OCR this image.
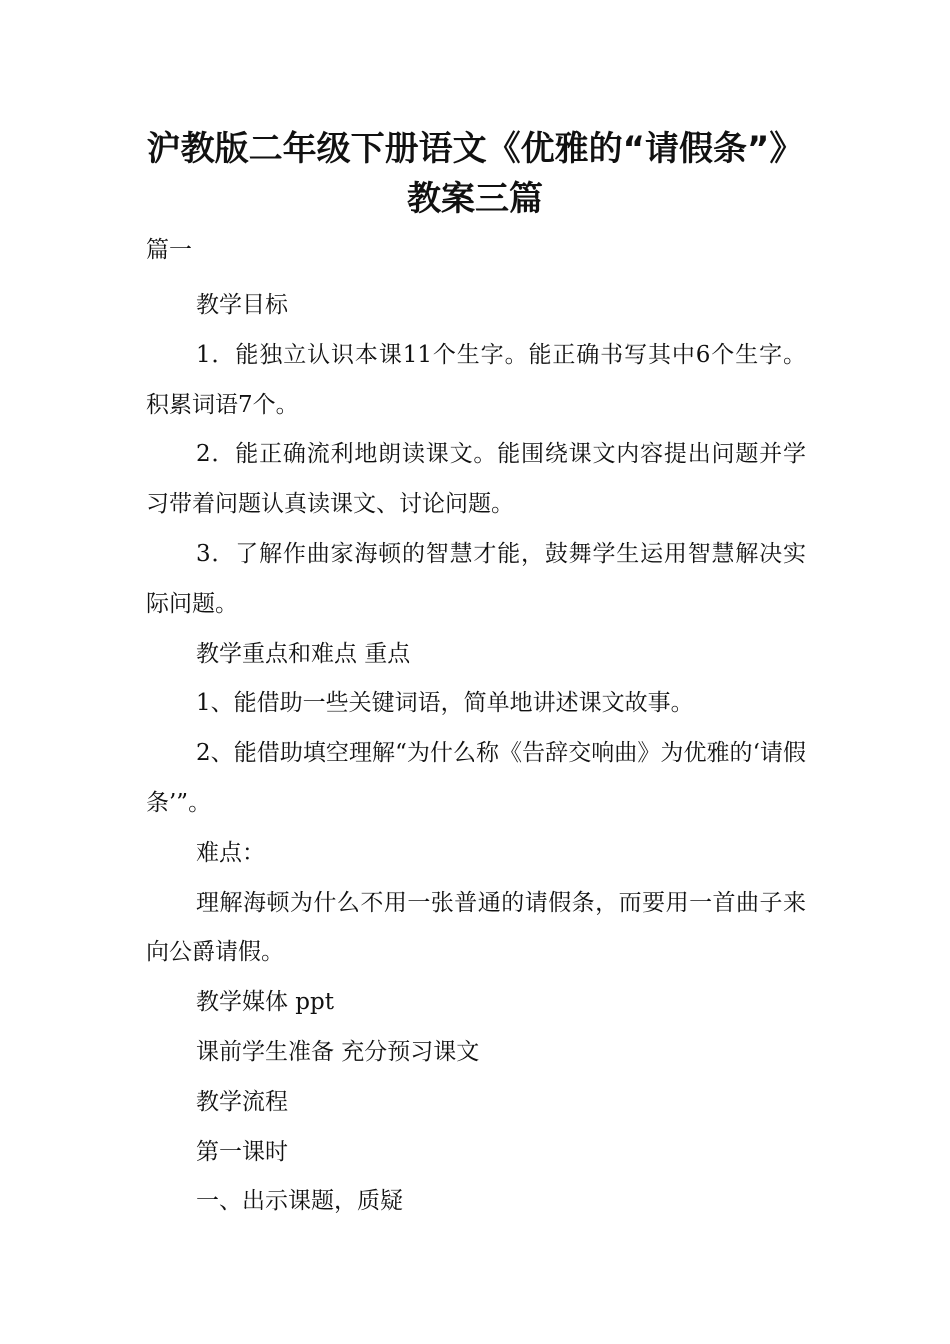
沪教版二年级下册语文《优雅的“请假条”》教案三篇

篇一

教学目标

1．能独立认识本课11个生字。能正确书写其中6个生字。积累词语7个。

2．能正确流利地朗读课文。能围绕课文内容提出问题并学习带着问题认真读课文、讨论问题。

3．了解作曲家海顿的智慧才能，鼓舞学生运用智慧解决实际问题。

教学重点和难点 重点

1、能借助一些关键词语，简单地讲述课文故事。

2、能借助填空理解“为什么称《告辞交响曲》为优雅的‘请假条’”。

难点：

理解海顿为什么不用一张普通的请假条，而要用一首曲子来向公爵请假。

教学媒体 ppt

课前学生准备 充分预习课文

教学流程

第一课时

一、出示课题，质疑
